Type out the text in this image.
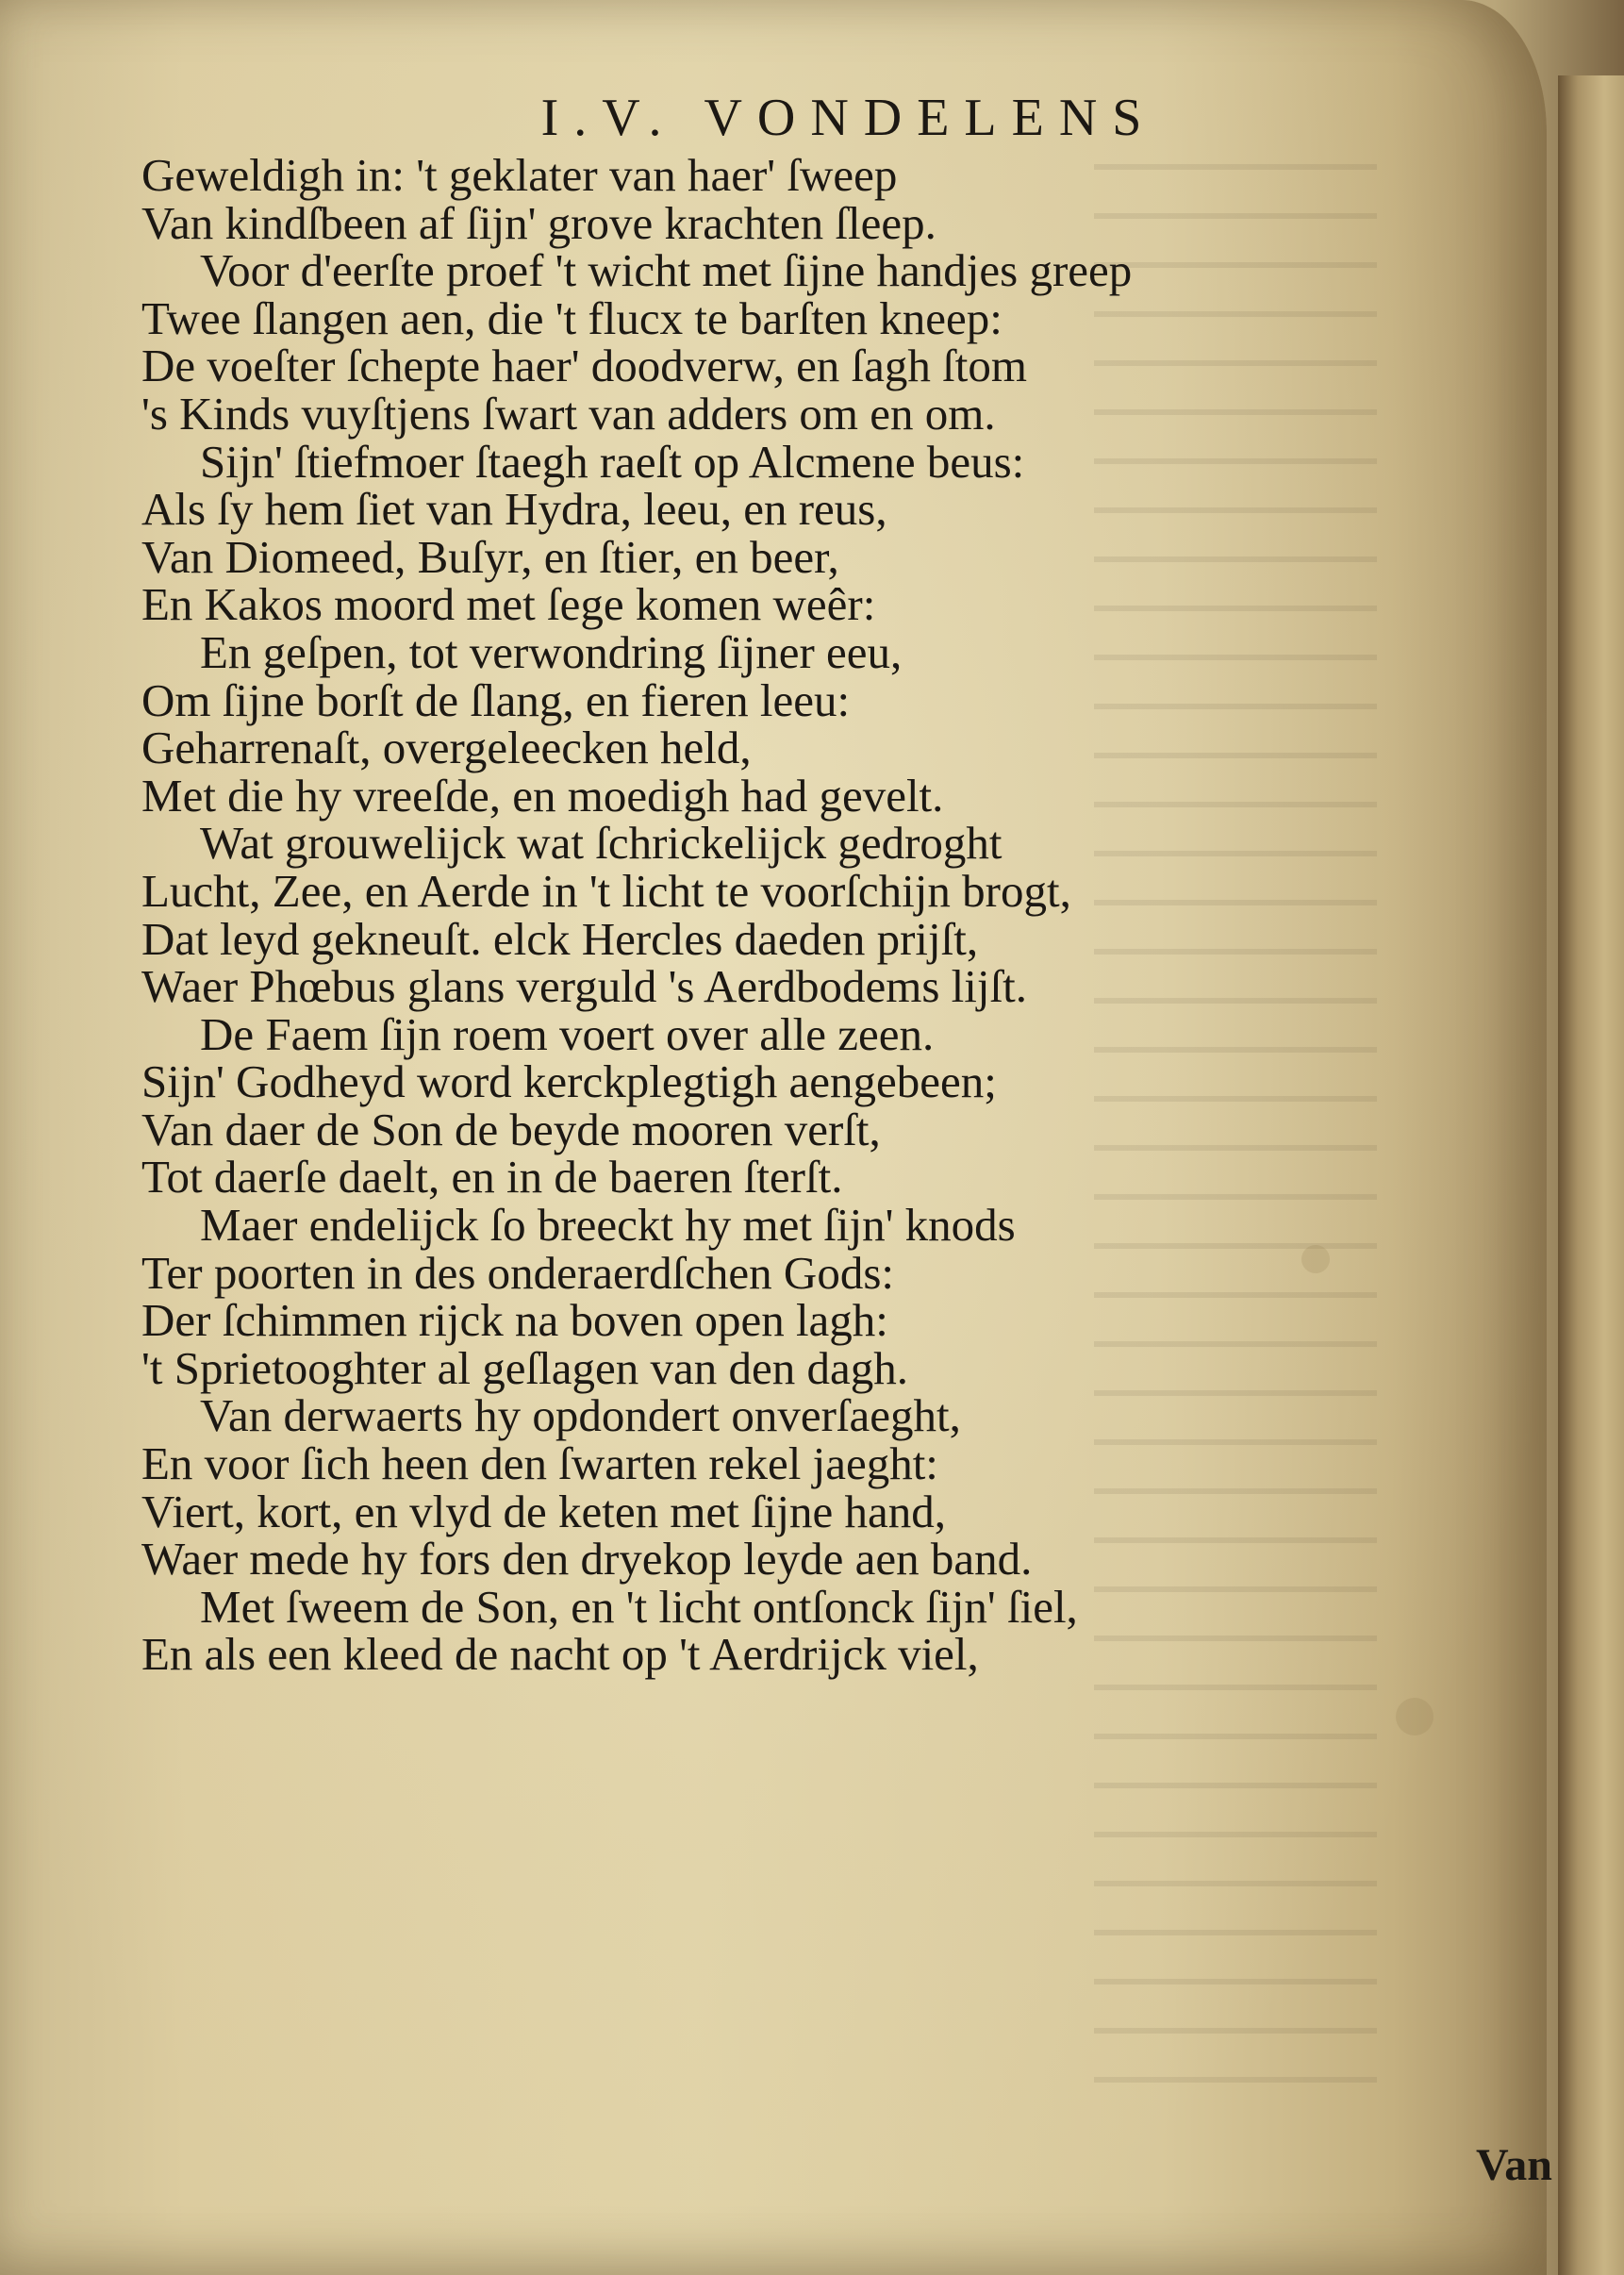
I.V. VONDELENS
Geweldigh in: 't geklater van haer' ſweep
Van kindſbeen af ſijn' grove krachten ſleep.
Voor d'eerſte proef 't wicht met ſijne handjes greep
Twee ſlangen aen, die 't flucx te barſten kneep:
De voeſter ſchepte haer' doodverw, en ſagh ſtom
's Kinds vuyſtjens ſwart van adders om en om.
Sijn' ſtiefmoer ſtaegh raeſt op Alcmene beus:
Als ſy hem ſiet van Hydra, leeu, en reus,
Van Diomeed, Buſyr, en ſtier, en beer,
En Kakos moord met ſege komen weêr:
En geſpen, tot verwondring ſijner eeu,
Om ſijne borſt de ſlang, en fieren leeu:
Geharrenaſt, overgeleecken held,
Met die hy vreeſde, en moedigh had gevelt.
Wat grouwelijck wat ſchrickelijck gedroght
Lucht, Zee, en Aerde in 't licht te voorſchijn brogt,
Dat leyd gekneuſt. elck Hercles daeden prijſt,
Waer Phœbus glans verguld 's Aerdbodems lijſt.
De Faem ſijn roem voert over alle zeen.
Sijn' Godheyd word kerckplegtigh aengebeen;
Van daer de Son de beyde mooren verſt,
Tot daerſe daelt, en in de baeren ſterſt.
Maer endelijck ſo breeckt hy met ſijn' knods
Ter poorten in des onderaerdſchen Gods:
Der ſchimmen rijck na boven open lagh:
't Sprietooghter al geſlagen van den dagh.
Van derwaerts hy opdondert onverſaeght,
En voor ſich heen den ſwarten rekel jaeght:
Viert, kort, en vlyd de keten met ſijne hand,
Waer mede hy fors den dryekop leyde aen band.
Met ſweem de Son, en 't licht ontſonck ſijn' ſiel,
En als een kleed de nacht op 't Aerdrijck viel,
Van
